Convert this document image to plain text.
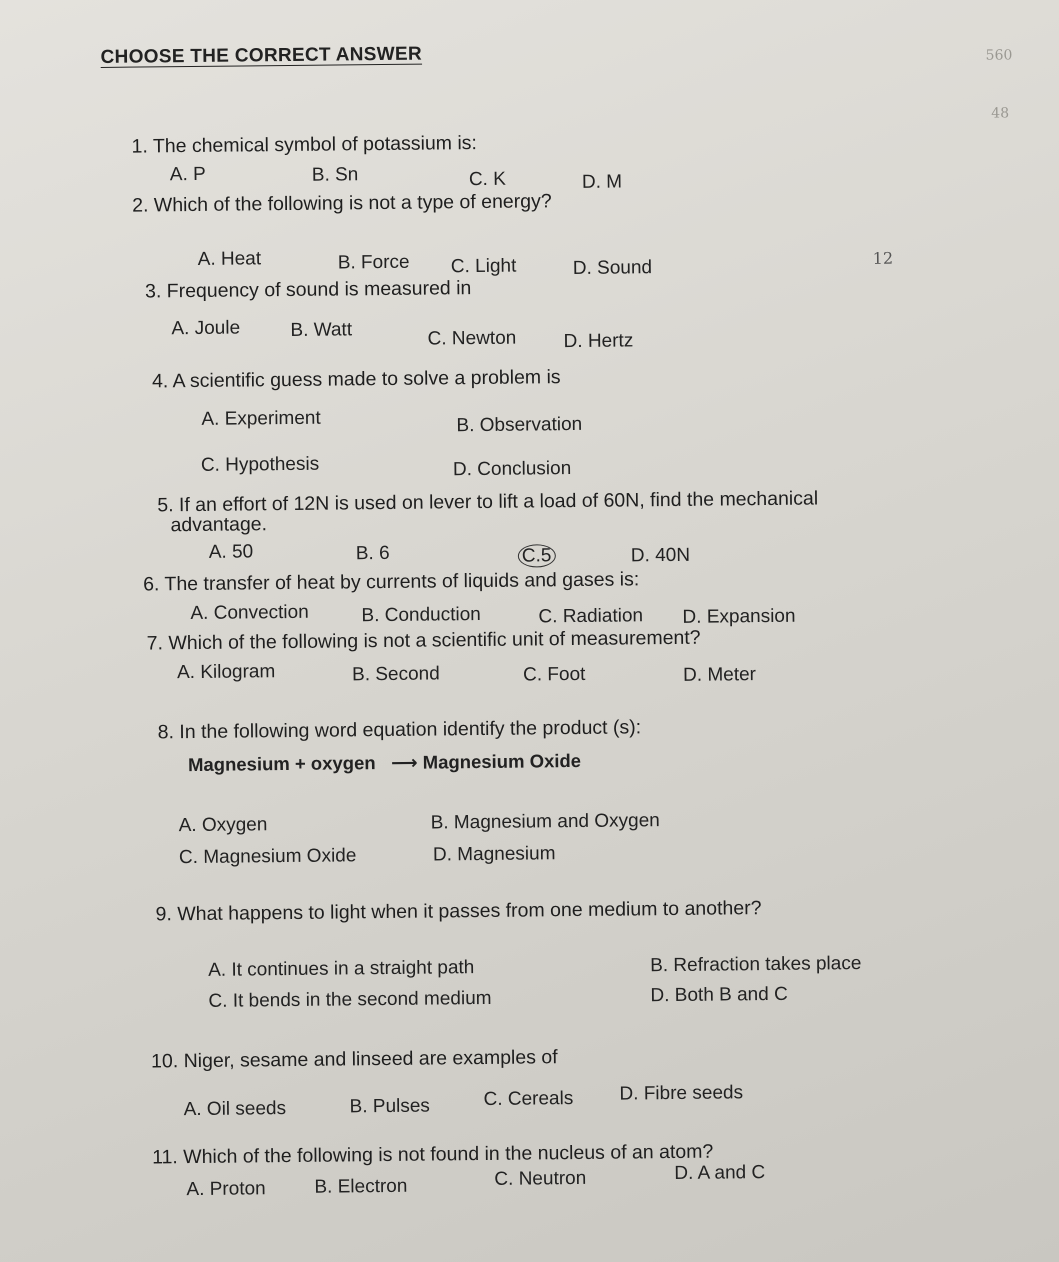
CHOOSE THE CORRECT ANSWER
1. The chemical symbol of potassium is:
A. P	B. Sn	C. K	D. M
2. Which of the following is not a type of energy?
A. Heat	B. Force C. Light	D. Sound
3. Frequency of sound is measured in
A. Joule	B. Watt	C. Newton D. Hertz
4. A scientific guess made to solve a problem is
A. Experiment	B. Observation
C. Hypothesis	D. Conclusion
5. If an effort of 12N is used on lever to lift a load of 60N, find the mechanical
advantage.
A. 50	B. 6	C.5	D. 40N
6. The transfer of heat by currents of liquids and gases is:
A. Convection	B. Conduction	C. Radiation D. Expansion
7. Which of the following is not a scientific unit of measurement?
A. Kilogram	B. Second	C. Foot	D. Meter
8. In the following word equation identify the product (s):
Magnesium + oxygen ⟶ Magnesium Oxide
A. Oxygen	B. Magnesium and Oxygen
C. Magnesium Oxide	D. Magnesium
9. What happens to light when it passes from one medium to another?
A. It continues in a straight path	B. Refraction takes place
C. It bends in the second medium	D. Both B and C
10. Niger, sesame and linseed are examples of
A. Oil seeds	B. Pulses	C. Cereals D. Fibre seeds
11. Which of the following is not found in the nucleus of an atom?
A. Proton	B. Electron	C. Neutron	D. A and C
560
48
12
